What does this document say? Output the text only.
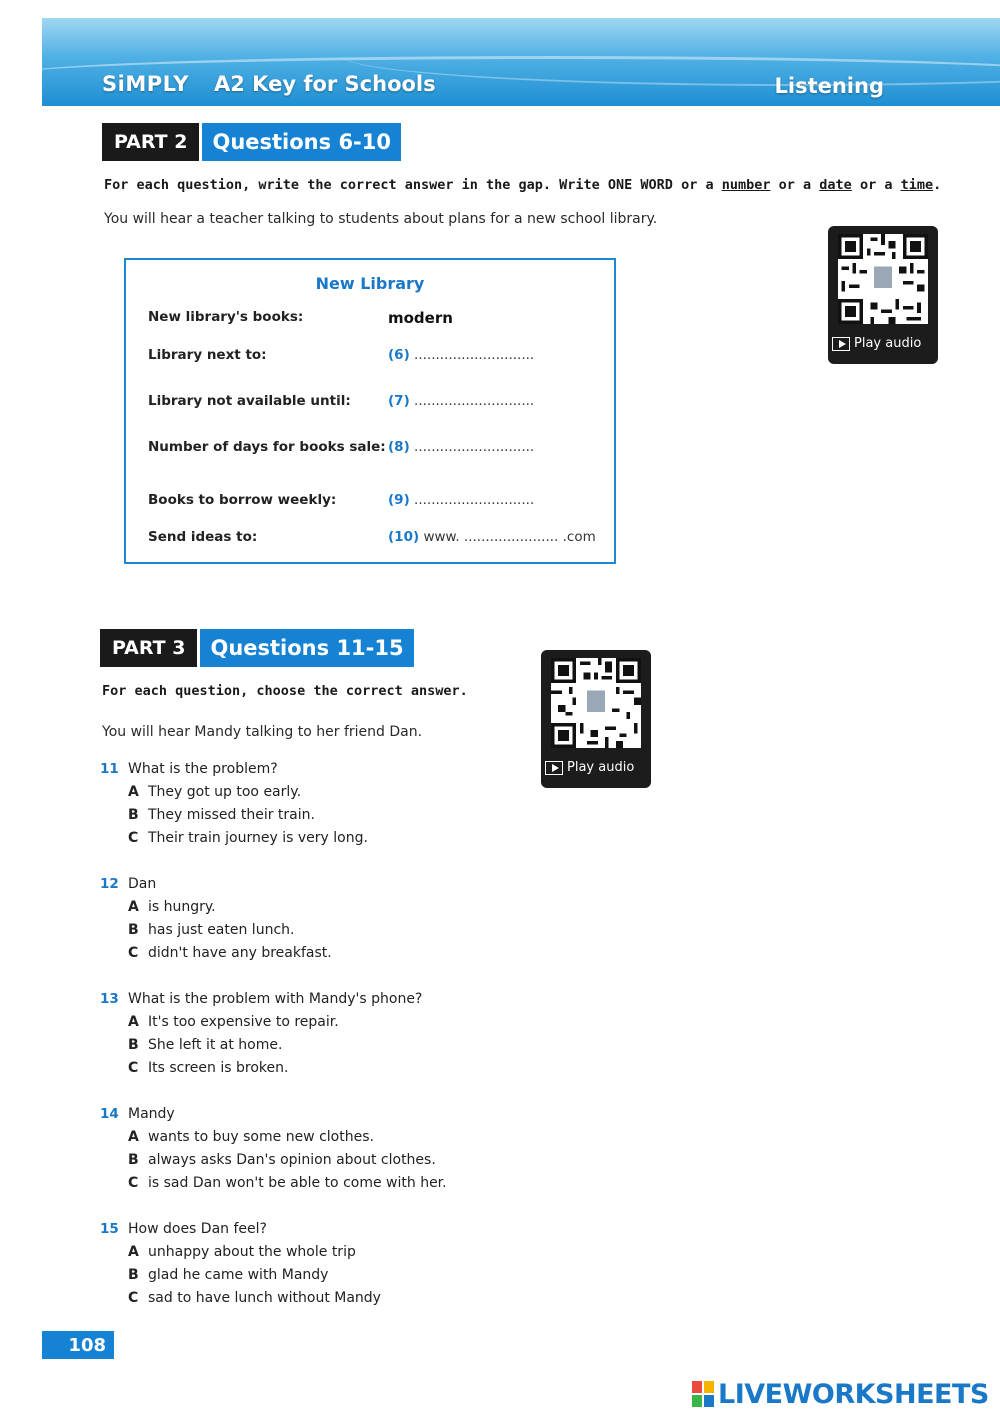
SiMPLY A2 Key for Schools	Listening
PART 2	Questions 6-10
For each question, write the correct answer in the gap. Write ONE WORD or a number or a date or a time.
You will hear a teacher talking to students about plans for a new school library.
New Library
New library's books:	modern
Library next to:	(6) ............................
Library not available until:	(7) ............................
Number of days for books sale: (8) ............................
Books to borrow weekly:	(9) ............................
Send ideas to:	(10) www. ...................... .com
Play audio
PART 3	Questions 11-15
For each question, choose the correct answer.
You will hear Mandy talking to her friend Dan.
Play audio
11 What is the problem?
A They got up too early.
B They missed their train.
C Their train journey is very long.
12 Dan
A is hungry.
B has just eaten lunch.
C didn't have any breakfast.
13 What is the problem with Mandy's phone?
A It's too expensive to repair.
B She left it at home.
C Its screen is broken.
14 Mandy
A wants to buy some new clothes.
B always asks Dan's opinion about clothes.
C is sad Dan won't be able to come with her.
15 How does Dan feel?
A unhappy about the whole trip
B glad he came with Mandy
C sad to have lunch without Mandy
108
LIVEWORKSHEETS
